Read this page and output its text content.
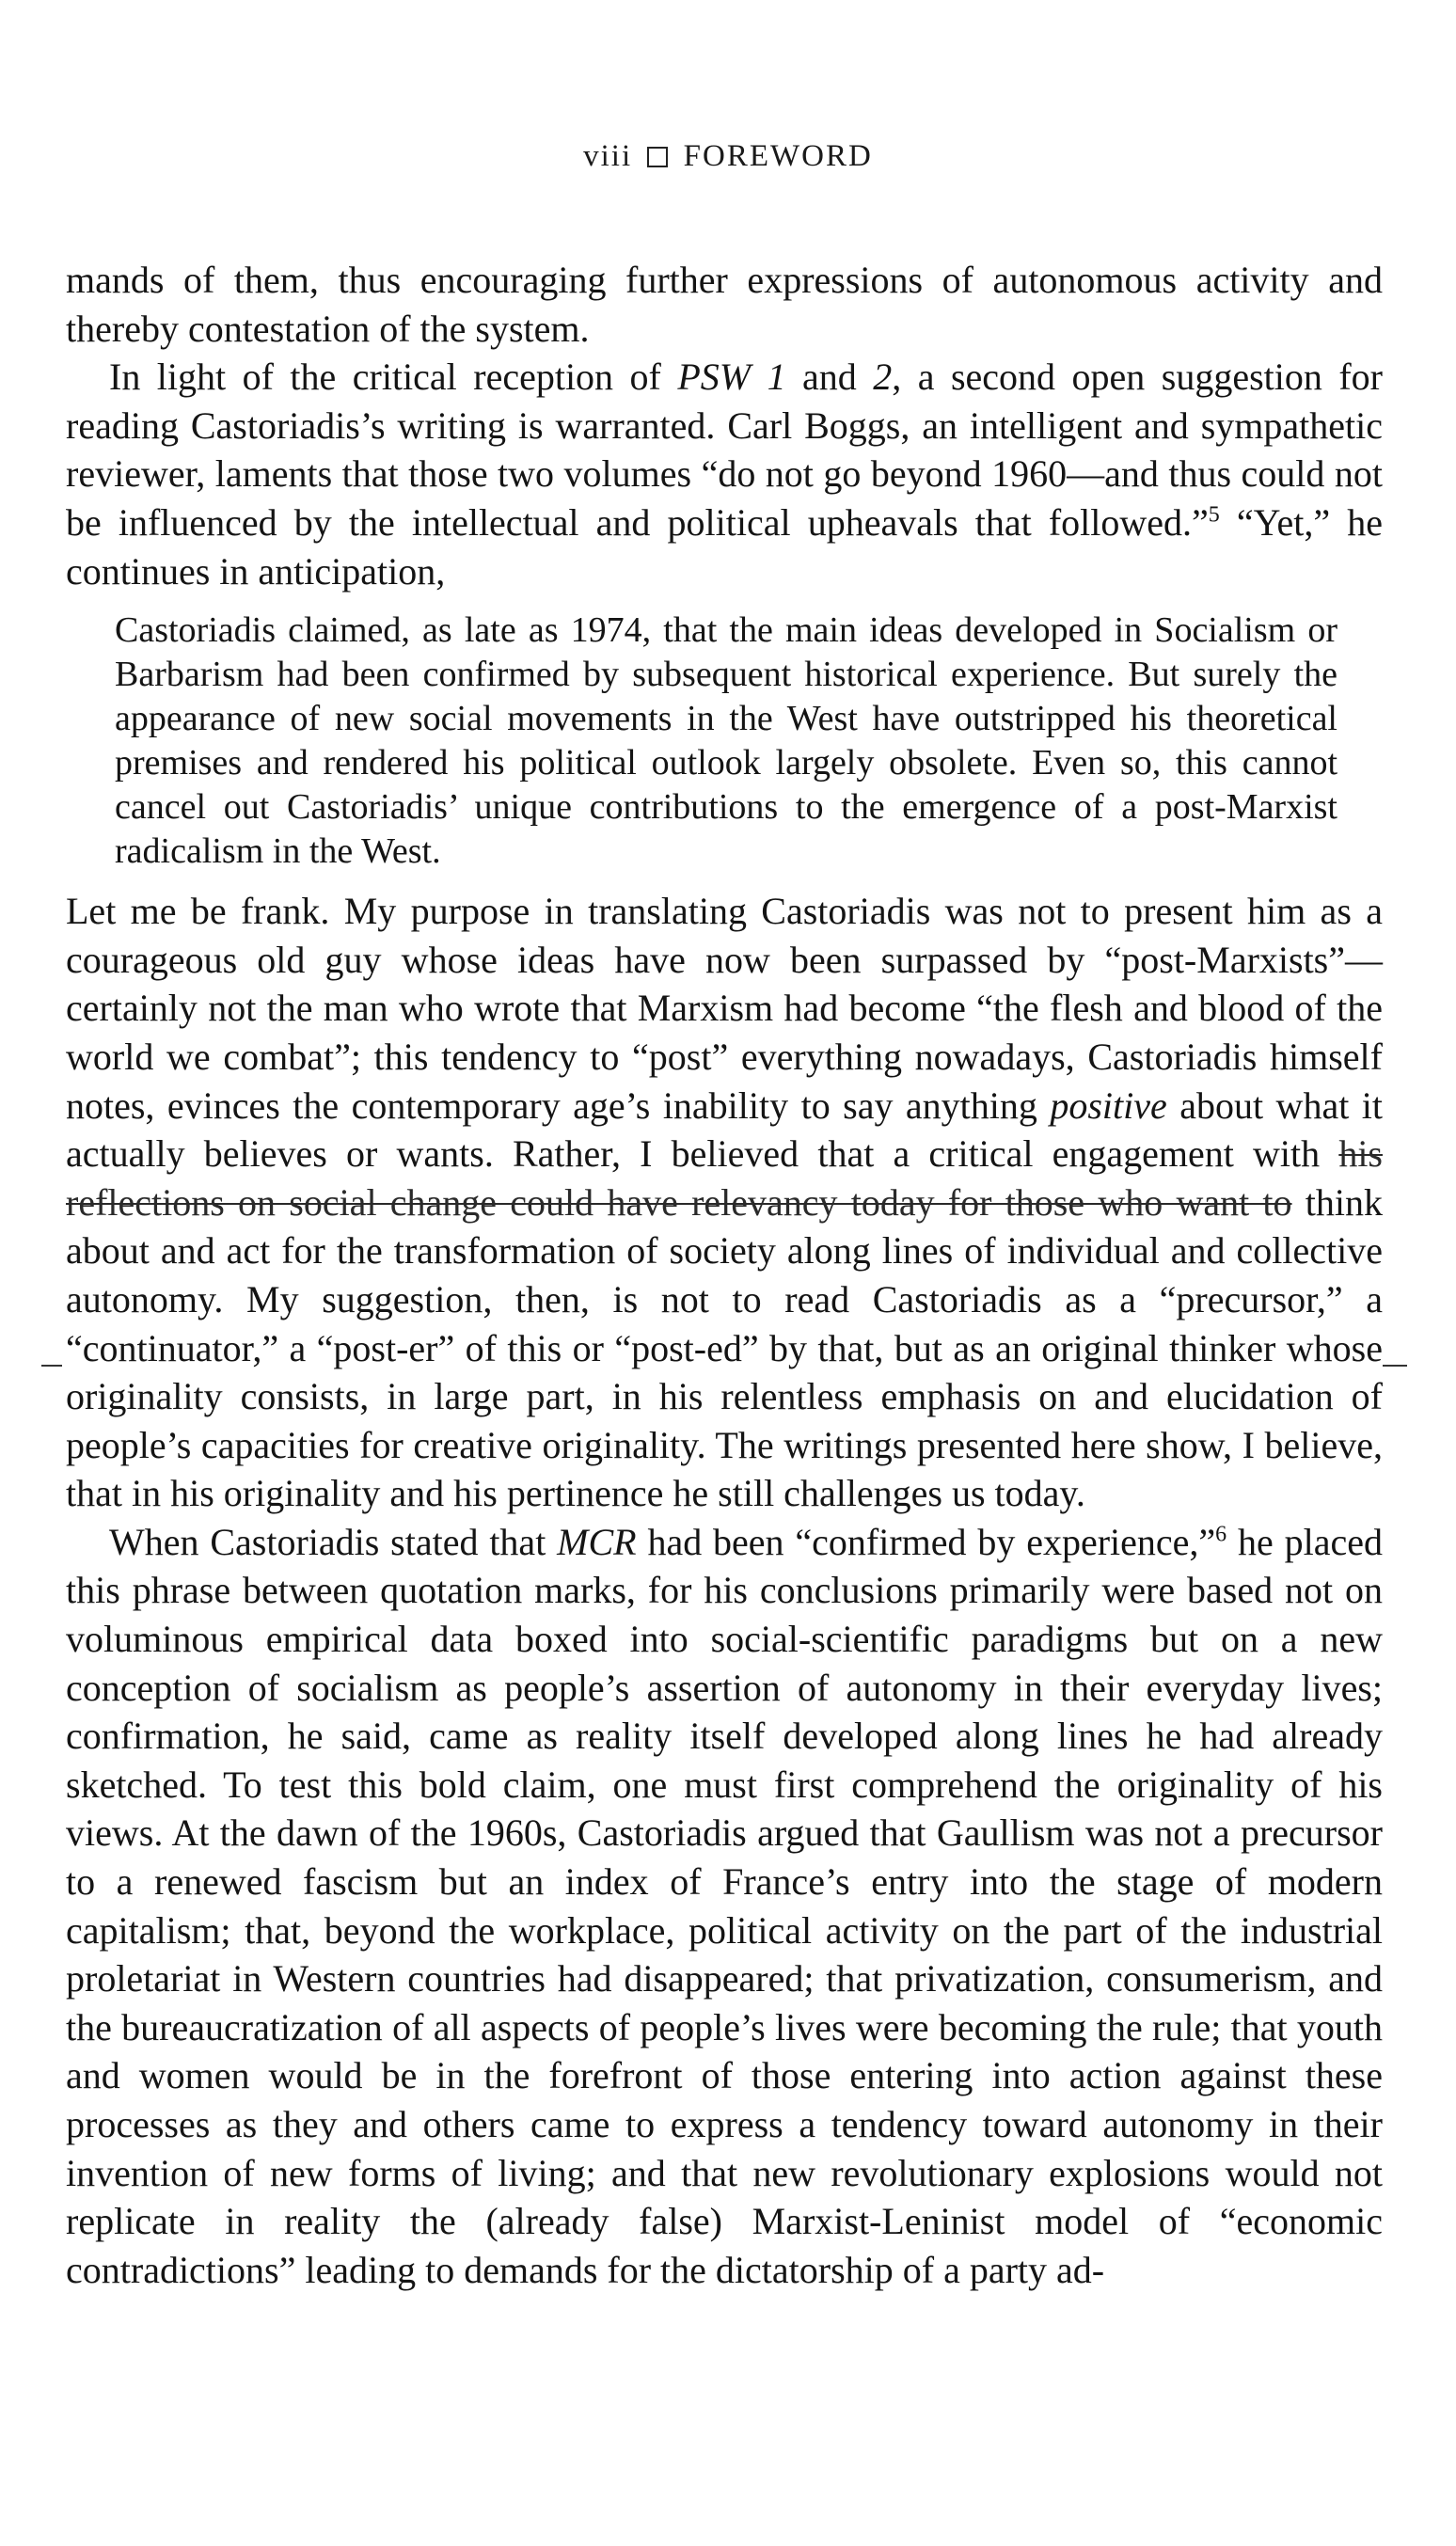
viii FOREWORD

mands of them, thus encouraging further expressions of autonomous activity and thereby contestation of the system.

In light of the critical reception of PSW 1 and 2, a second open suggestion for reading Castoriadis’s writing is warranted. Carl Boggs, an intelligent and sympathetic reviewer, laments that those two volumes “do not go beyond 1960—and thus could not be influenced by the intellectual and political upheavals that followed.”$^5$ “Yet,” he continues in anticipation,

Castoriadis claimed, as late as 1974, that the main ideas developed in Socialism or Barbarism had been confirmed by subsequent historical experience. But surely the appearance of new social movements in the West have outstripped his theoretical premises and rendered his political outlook largely obsolete. Even so, this cannot cancel out Castoriadis’ unique contributions to the emergence of a post-Marxist radicalism in the West.

Let me be frank. My purpose in translating Castoriadis was not to present him as a courageous old guy whose ideas have now been surpassed by “post-Marxists”—certainly not the man who wrote that Marxism had become “the flesh and blood of the world we combat”; this tendency to “post” everything nowadays, Castoriadis himself notes, evinces the contemporary age’s inability to say anything positive about what it actually believes or wants. Rather, I believed that a critical engagement with his reflections on social change could have relevancy today for those who want to think about and act for the transformation of society along lines of individual and collective autonomy. My suggestion, then, is not to read Castoriadis as a “precursor,” a “continuator,” a “post-er” of this or “post-ed” by that, but as an original thinker whose originality consists, in large part, in his relentless emphasis on and elucidation of people’s capacities for creative originality. The writings presented here show, I believe, that in his originality and his pertinence he still challenges us today.

When Castoriadis stated that MCR had been “confirmed by experience,”$^6$ he placed this phrase between quotation marks, for his conclusions primarily were based not on voluminous empirical data boxed into social-scientific paradigms but on a new conception of socialism as people’s assertion of autonomy in their everyday lives; confirmation, he said, came as reality itself developed along lines he had already sketched. To test this bold claim, one must first comprehend the originality of his views. At the dawn of the 1960s, Castoriadis argued that Gaullism was not a precursor to a renewed fascism but an index of France’s entry into the stage of modern capitalism; that, beyond the workplace, political activity on the part of the industrial proletariat in Western countries had disappeared; that privatization, consumerism, and the bureaucratization of all aspects of people’s lives were becoming the rule; that youth and women would be in the forefront of those entering into action against these processes as they and others came to express a tendency toward autonomy in their invention of new forms of living; and that new revolutionary explosions would not replicate in reality the (already false) Marxist-Leninist model of “economic contradictions” leading to demands for the dictatorship of a party ad-
